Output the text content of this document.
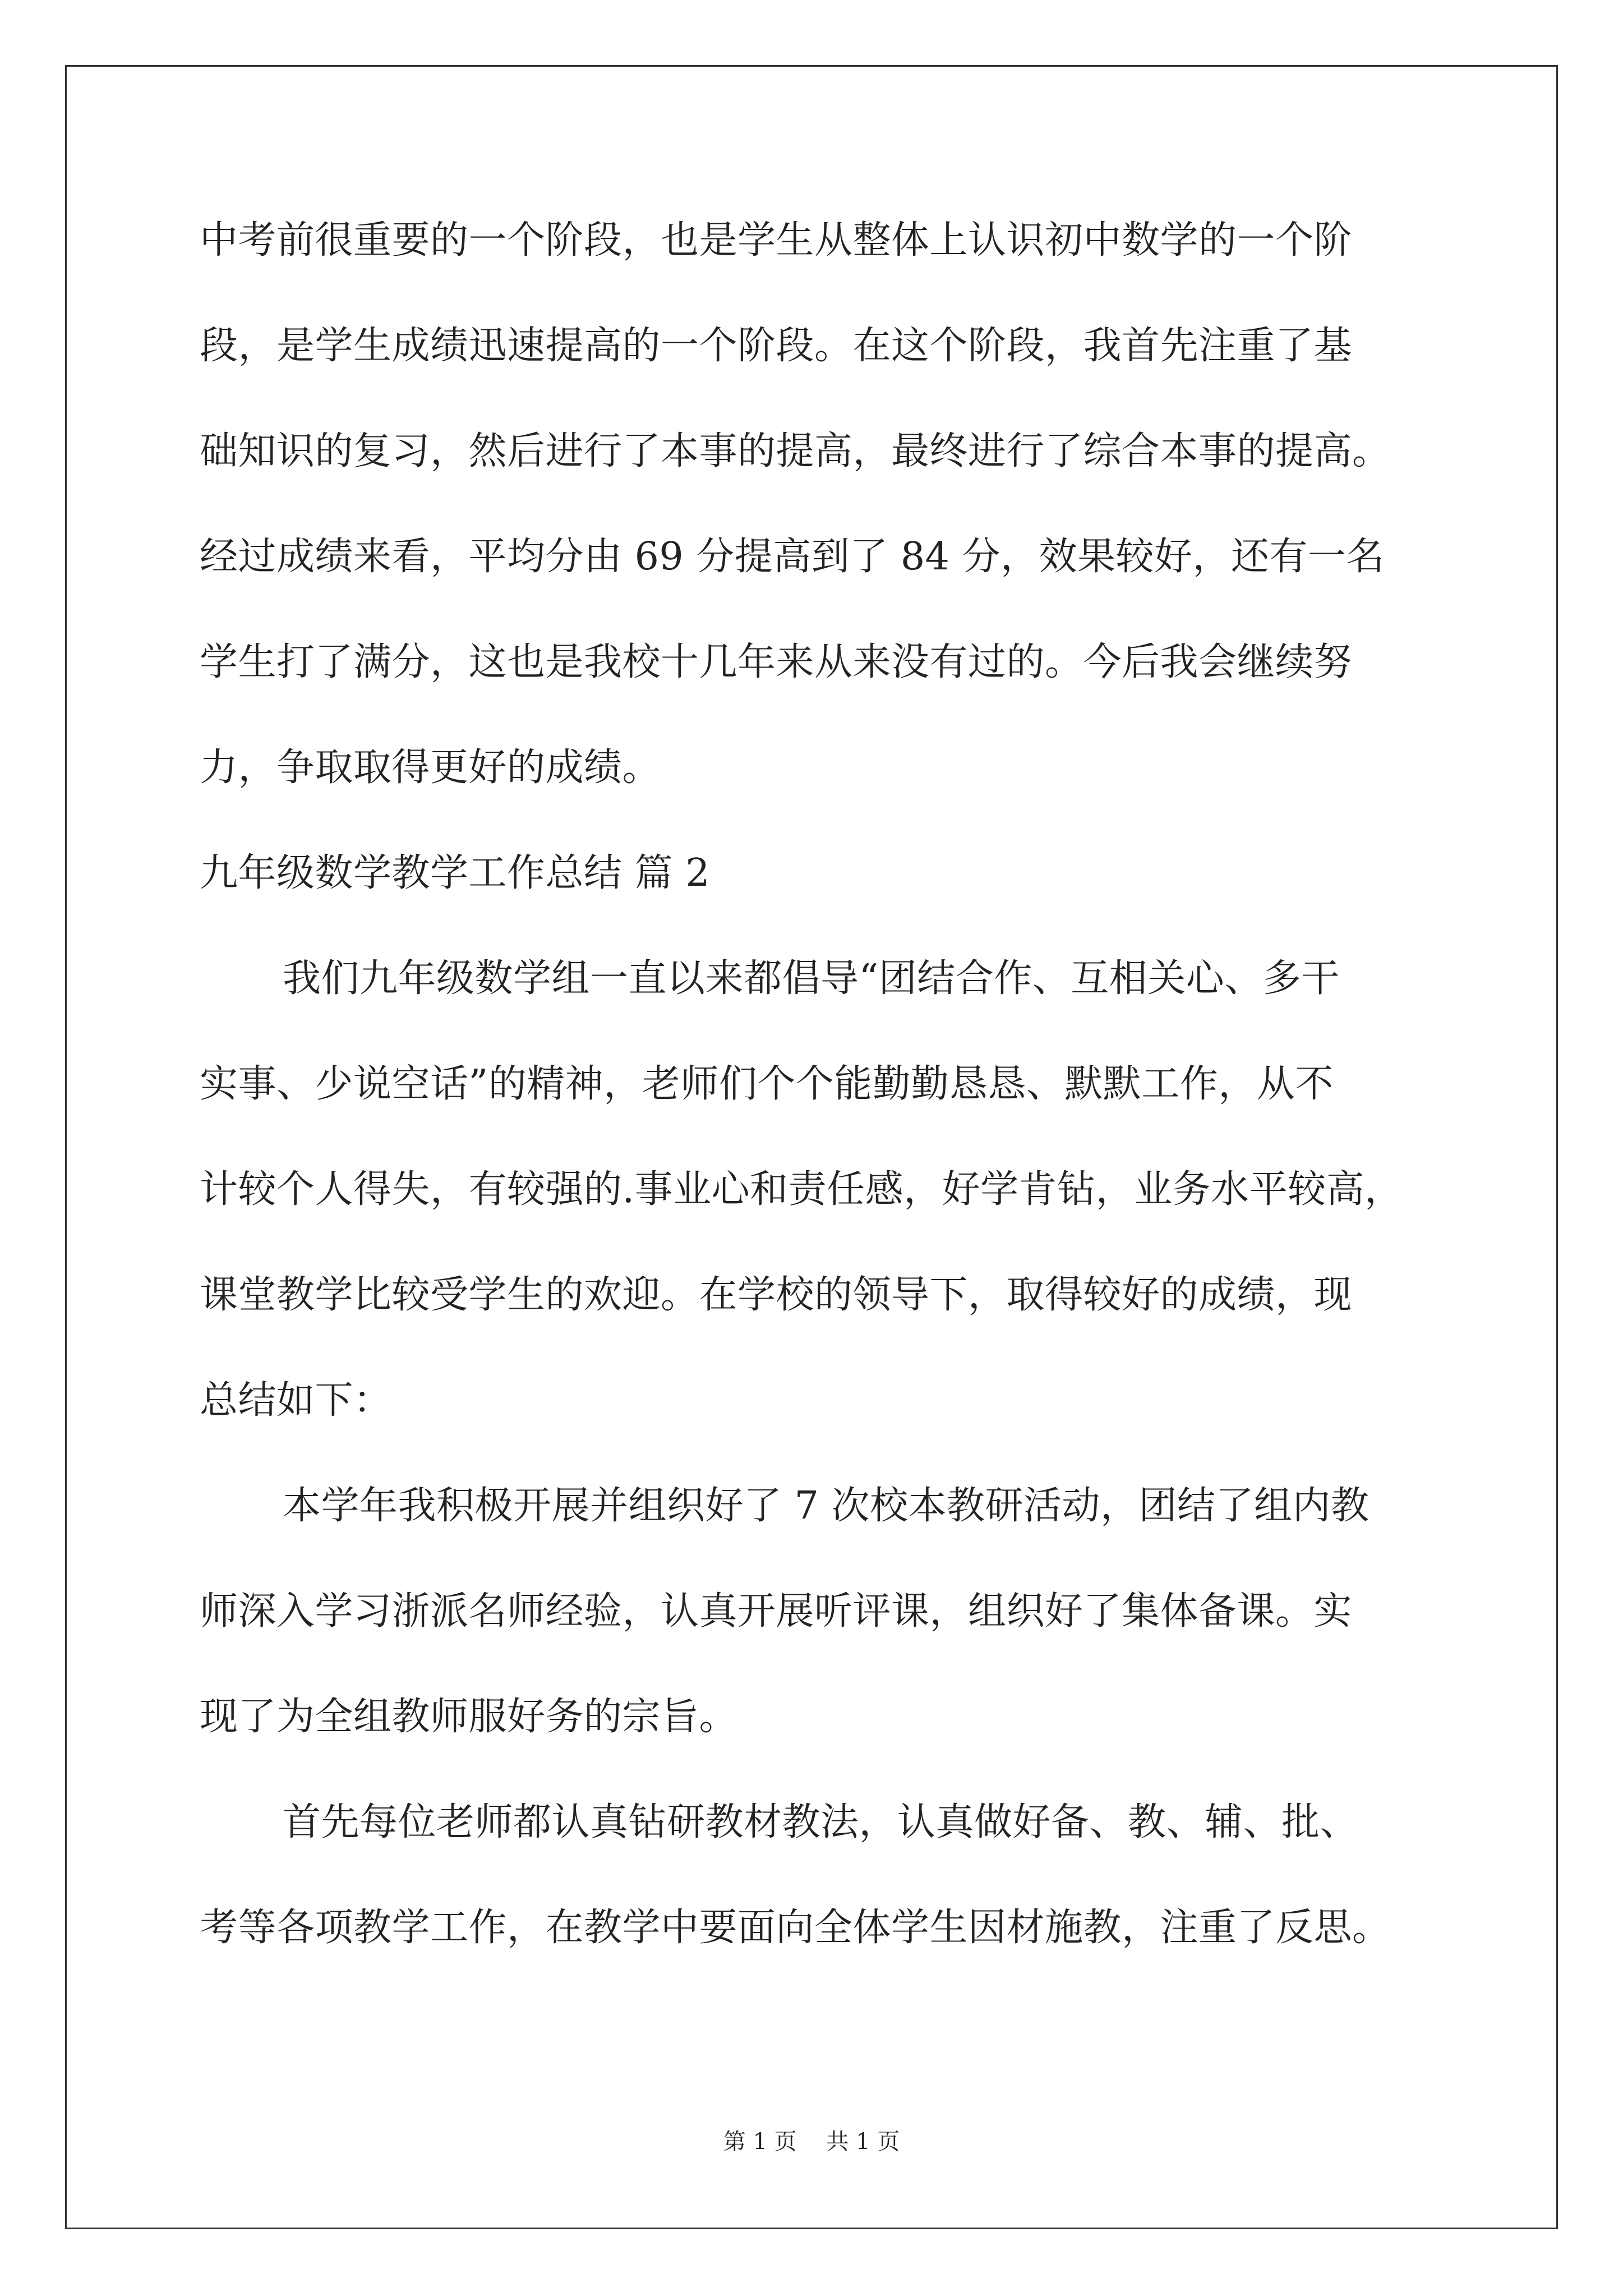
中考前很重要的一个阶段，也是学生从整体上认识初中数学的一个阶
段，是学生成绩迅速提高的一个阶段。在这个阶段，我首先注重了基
础知识的复习，然后进行了本事的提高，最终进行了综合本事的提高。
经过成绩来看，平均分由 69 分提高到了 84 分，效果较好，还有一名
学生打了满分，这也是我校十几年来从来没有过的。今后我会继续努
力，争取取得更好的成绩。
九年级数学教学工作总结 篇 2
我们九年级数学组一直以来都倡导“团结合作、互相关心、多干
实事、少说空话”的精神，老师们个个能勤勤恳恳、默默工作，从不
计较个人得失，有较强的.事业心和责任感，好学肯钻，业务水平较高，
课堂教学比较受学生的欢迎。在学校的领导下，取得较好的成绩，现
总结如下：
本学年我积极开展并组织好了 7 次校本教研活动，团结了组内教
师深入学习浙派名师经验，认真开展听评课，组织好了集体备课。实
现了为全组教师服好务的宗旨。
首先每位老师都认真钻研教材教法，认真做好备、教、辅、批、
考等各项教学工作，在教学中要面向全体学生因材施教，注重了反思。
第 1 页 共 1 页
